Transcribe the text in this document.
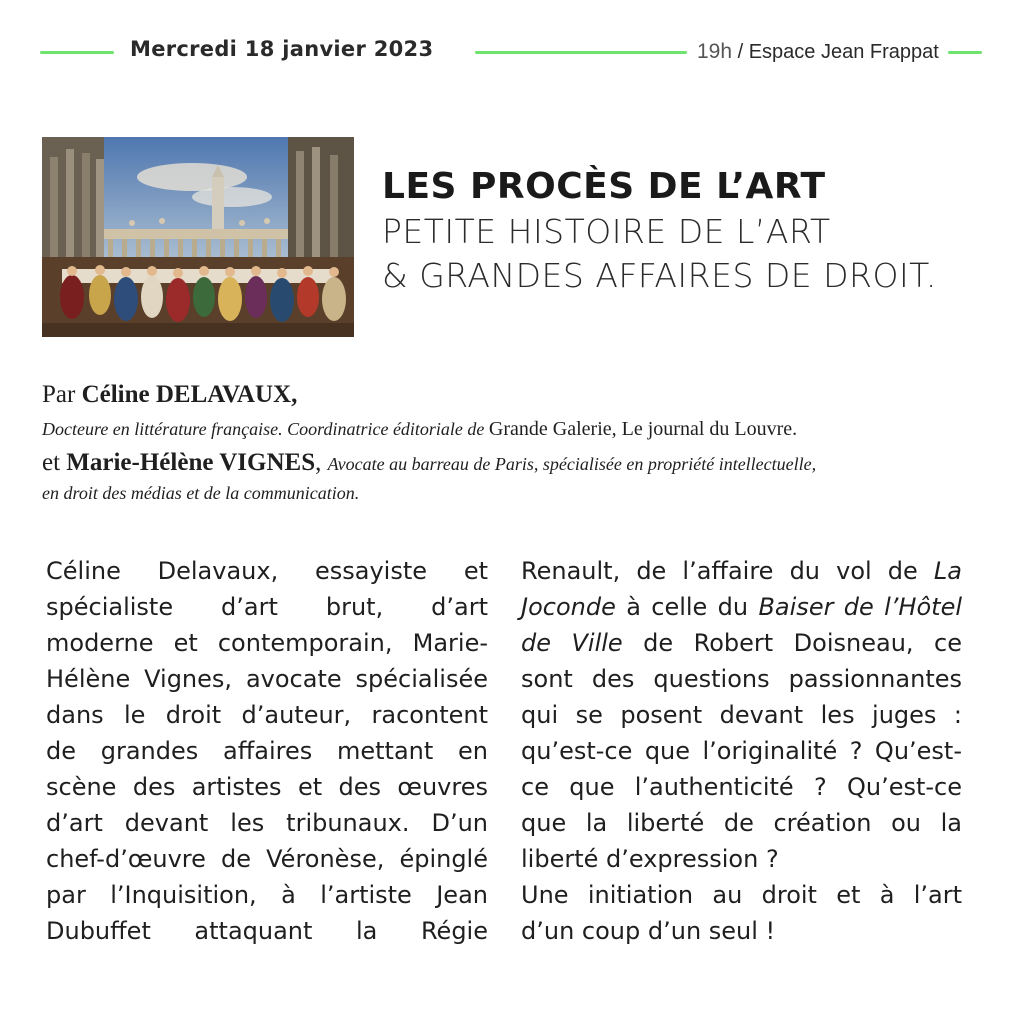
Mercredi 18 janvier 2023	19h / Espace Jean Frappat
LES PROCÈS DE L’ART
PETITE HISTOIRE DE L’ART
& GRANDES AFFAIRES DE DROIT.
Par Céline DELAVAUX,
Docteure en littérature française. Coordinatrice éditoriale de Grande Galerie, Le journal du Louvre.
et Marie-Hélène VIGNES, Avocate au barreau de Paris, spécialisée en propriété intellectuelle,
en droit des médias et de la communication.
Céline Delavaux, essayiste et
spécialiste d’art brut, d’art
moderne et contemporain, Marie-
Hélène Vignes, avocate spécialisée
dans le droit d’auteur, racontent
de grandes affaires mettant en
scène des artistes et des œuvres
d’art devant les tribunaux. D’un
chef-d’œuvre de Véronèse, épinglé
par l’Inquisition, à l’artiste Jean
Dubuffet attaquant la Régie
Renault, de l’affaire du vol de La
Joconde à celle du Baiser de l’Hôtel
de Ville de Robert Doisneau, ce
sont des questions passionnantes
qui se posent devant les juges :
qu’est-ce que l’originalité ? Qu’est-
ce que l’authenticité ? Qu’est-ce
que la liberté de création ou la
liberté d’expression ?
Une initiation au droit et à l’art
d’un coup d’un seul !
